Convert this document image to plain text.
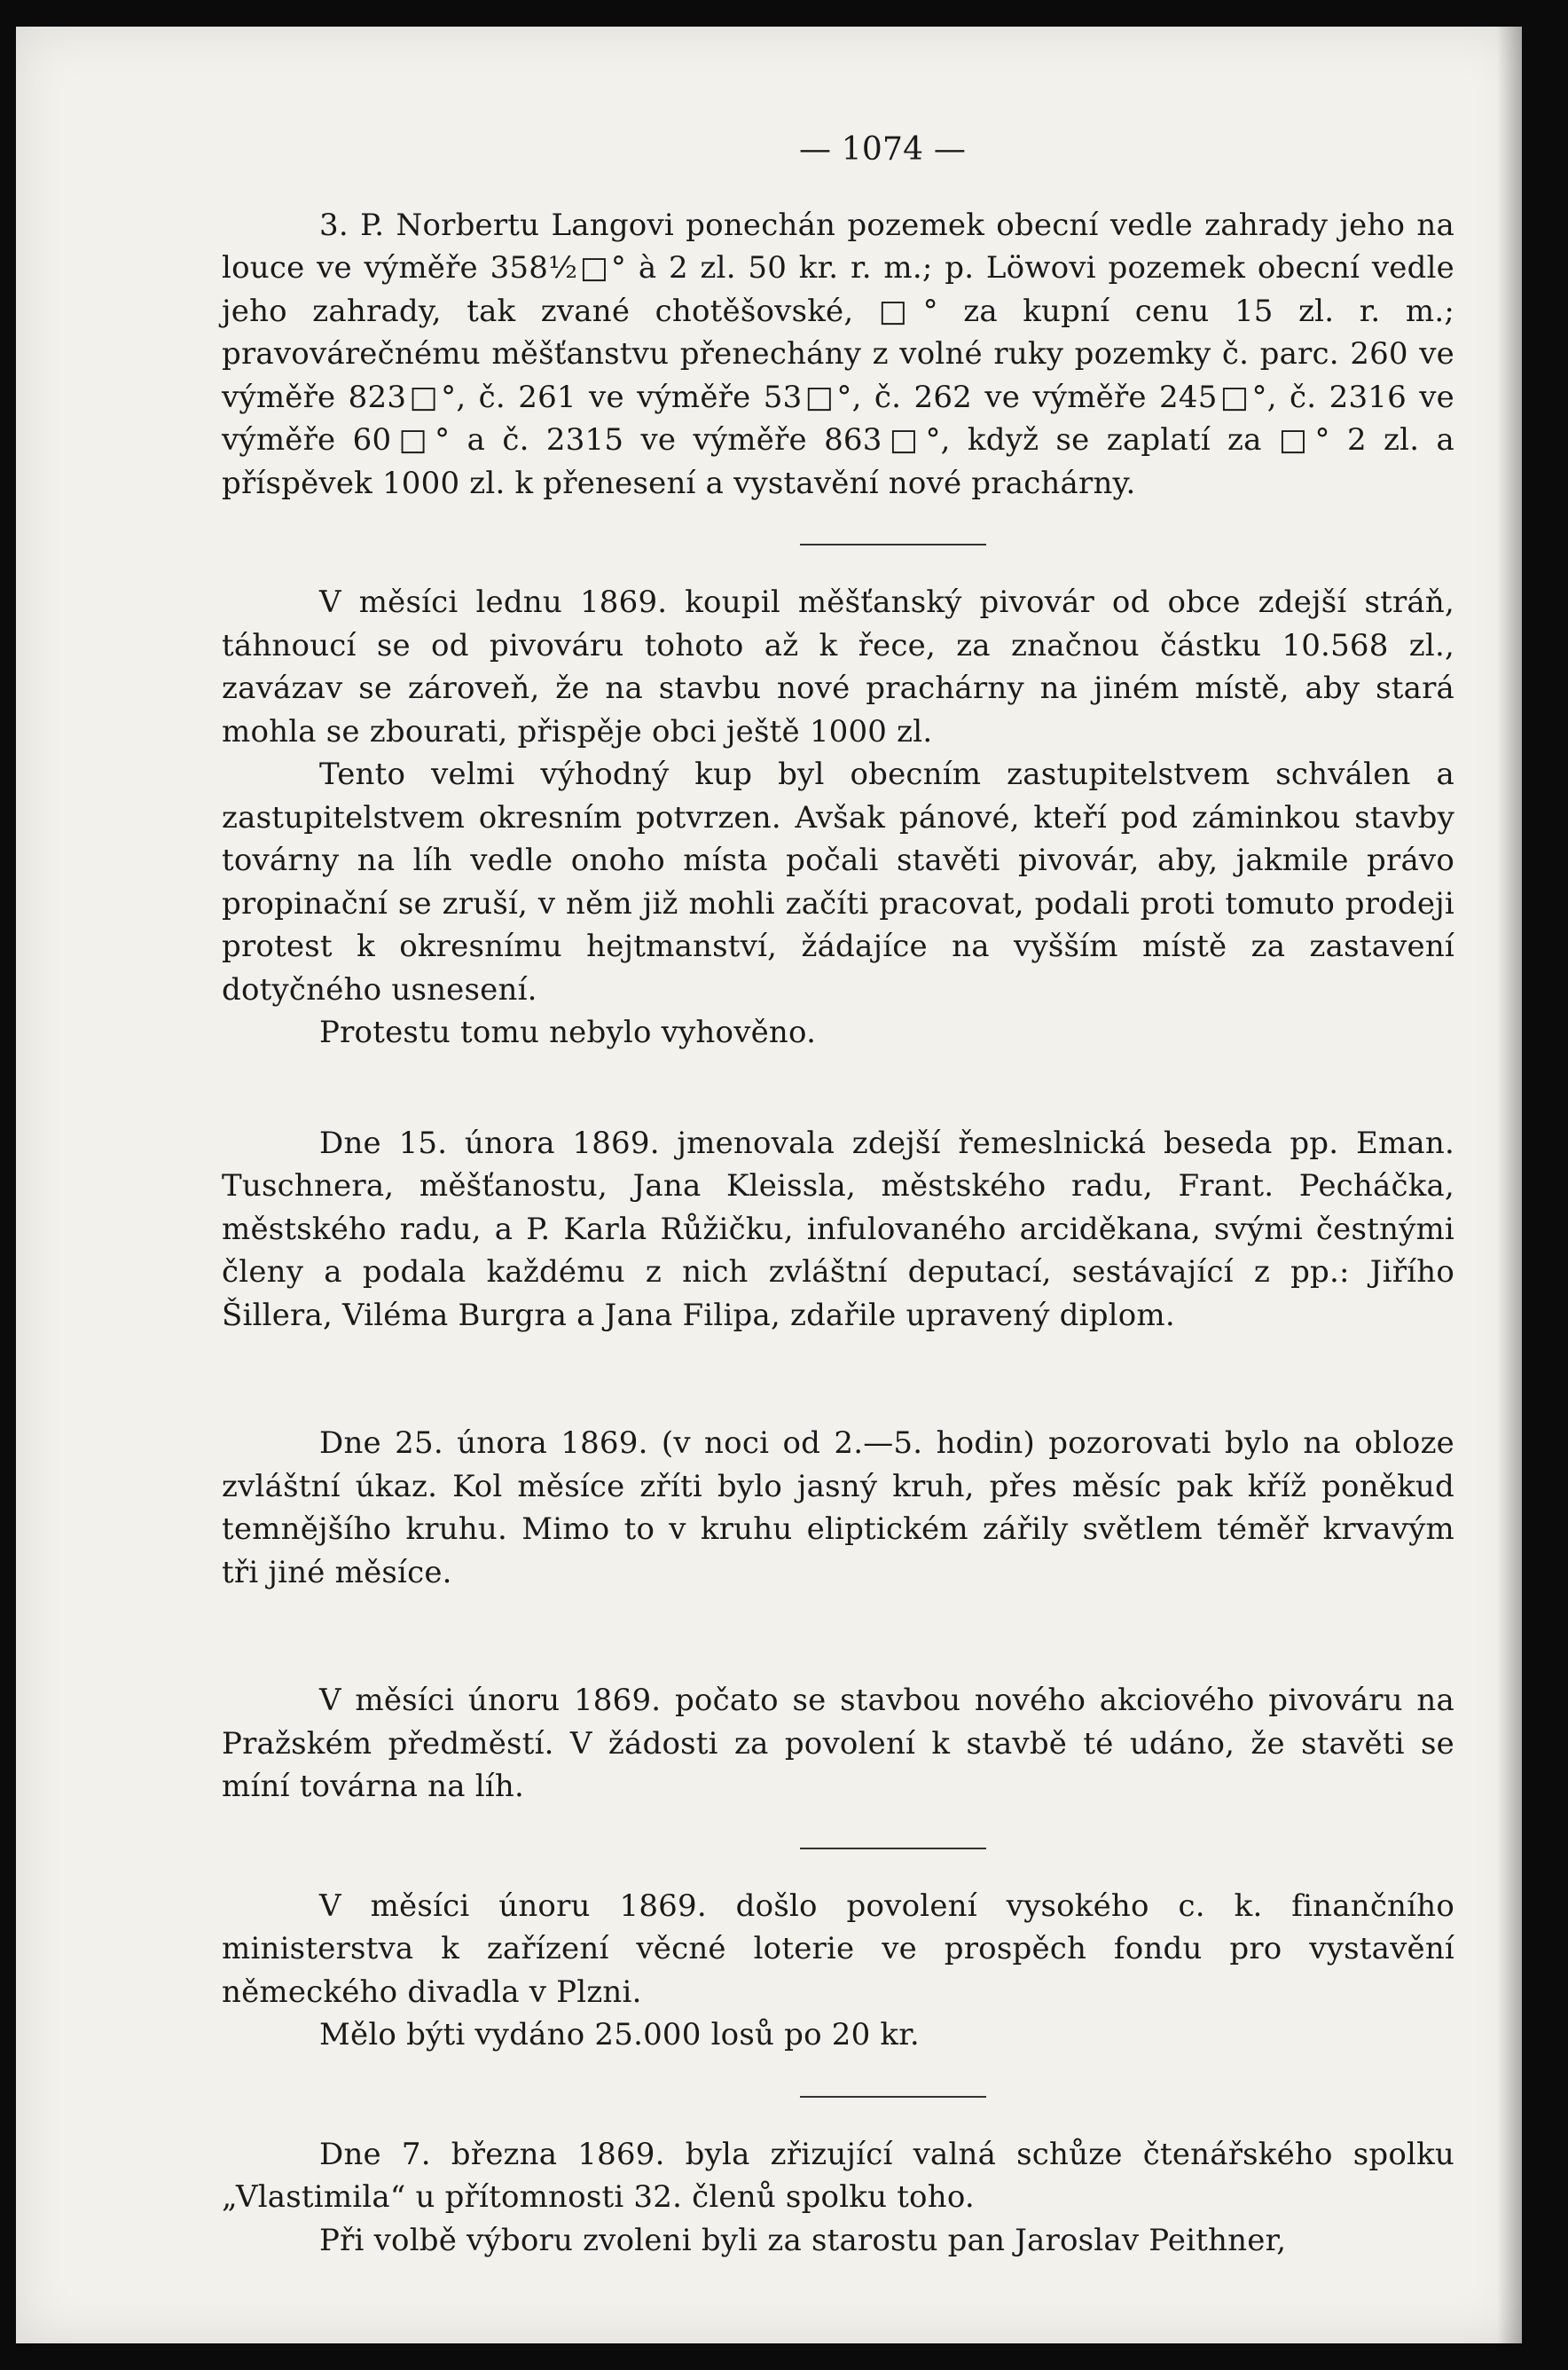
— 1074 —

3. P. Norbertu Langovi ponechán pozemek obecní vedle zahrady jeho na louce ve výměře 358½□° à 2 zl. 50 kr. r. m.; p. Löwovi pozemek obecní vedle jeho zahrady, tak zvané chotěšovské, □° za kupní cenu 15 zl. r. m.; pravovárečnému měšťanstvu přenechány z volné ruky pozemky č. parc. 260 ve výměře 823□°, č. 261 ve výměře 53□°, č. 262 ve výměře 245□°, č. 2316 ve výměře 60□° a č. 2315 ve výměře 863□°, když se zaplatí za □° 2 zl. a příspěvek 1000 zl. k přenesení a vystavění nové prachárny.

V měsíci lednu 1869. koupil měšťanský pivovár od obce zdejší stráň, táhnoucí se od pivováru tohoto až k řece, za značnou částku 10.568 zl., zavázav se zároveň, že na stavbu nové prachárny na jiném místě, aby stará mohla se zbourati, přispěje obci ještě 1000 zl.

Tento velmi výhodný kup byl obecním zastupitelstvem schválen a zastupitelstvem okresním potvrzen. Avšak pánové, kteří pod záminkou stavby továrny na líh vedle onoho místa počali stavěti pivovár, aby, jakmile právo propinační se zruší, v něm již mohli začíti pracovat, podali proti tomuto prodeji protest k okresnímu hejtmanství, žádajíce na vyšším místě za zastavení dotyčného usnesení.

Protestu tomu nebylo vyhověno.

Dne 15. února 1869. jmenovala zdejší řemeslnická beseda pp. Eman. Tuschnera, měšťanostu, Jana Kleissla, městského radu, Frant. Pecháčka, městského radu, a P. Karla Růžičku, infulovaného arciděkana, svými čestnými členy a podala každému z nich zvláštní deputací, sestávající z pp.: Jiřího Šillera, Viléma Burgra a Jana Filipa, zdařile upravený diplom.

Dne 25. února 1869. (v noci od 2.—5. hodin) pozorovati bylo na obloze zvláštní úkaz. Kol měsíce zříti bylo jasný kruh, přes měsíc pak kříž poněkud temnějšího kruhu. Mimo to v kruhu eliptickém zářily světlem téměř krvavým tři jiné měsíce.

V měsíci únoru 1869. počato se stavbou nového akciového pivováru na Pražském předměstí. V žádosti za povolení k stavbě té udáno, že stavěti se míní továrna na líh.

V měsíci únoru 1869. došlo povolení vysokého c. k. finančního ministerstva k zařízení věcné loterie ve prospěch fondu pro vystavění německého divadla v Plzni.

Mělo býti vydáno 25.000 losů po 20 kr.

Dne 7. března 1869. byla zřizující valná schůze čtenářského spolku „Vlastimila“ u přítomnosti 32. členů spolku toho.

Při volbě výboru zvoleni byli za starostu pan Jaroslav Peithner,
